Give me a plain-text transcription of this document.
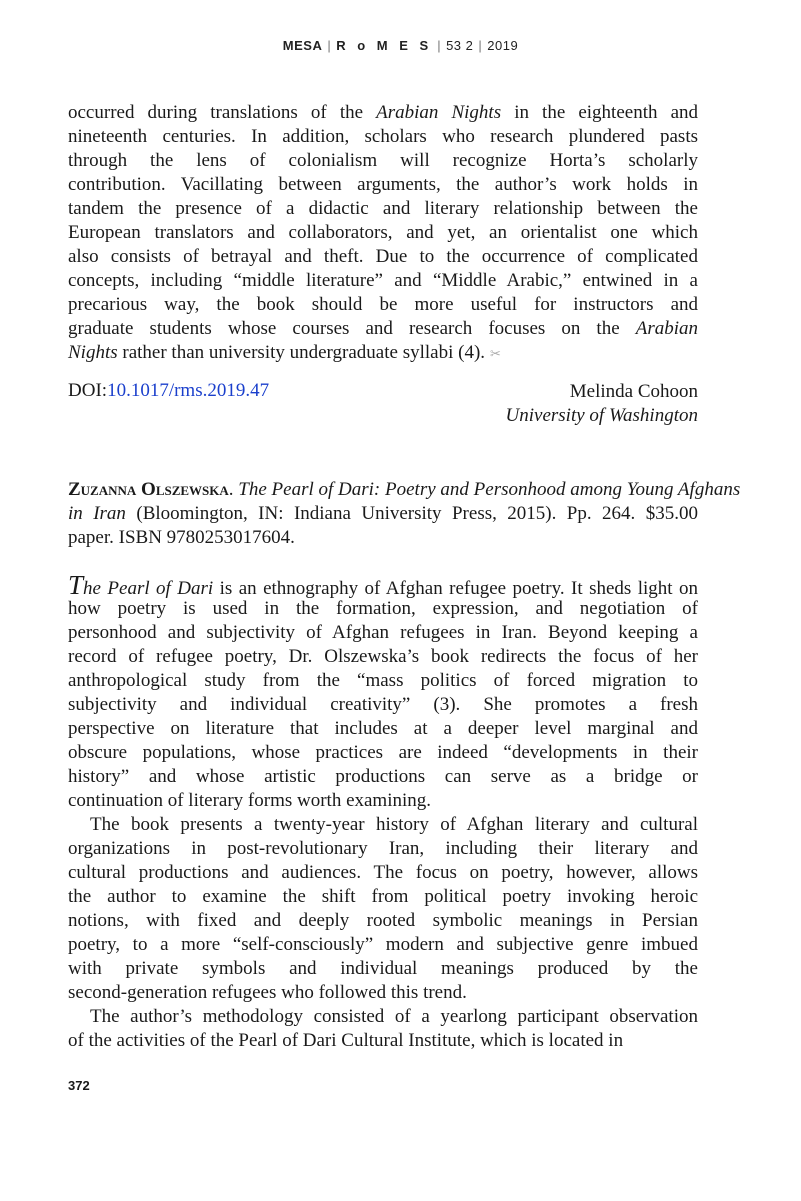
MESA | R o M E S | 53 2 | 2019
occurred during translations of the Arabian Nights in the eighteenth and
nineteenth centuries. In addition, scholars who research plundered pasts
through the lens of colonialism will recognize Horta’s scholarly
contribution. Vacillating between arguments, the author’s work holds in
tandem the presence of a didactic and literary relationship between the
European translators and collaborators, and yet, an orientalist one which
also consists of betrayal and theft. Due to the occurrence of complicated
concepts, including “middle literature” and “Middle Arabic,” entwined in a
precarious way, the book should be more useful for instructors and
graduate students whose courses and research focuses on the Arabian
Nights rather than university undergraduate syllabi (4). ✂
DOI:10.1017/rms.2019.47	Melinda Cohoon
University of Washington
Zuzanna Olszewska. The Pearl of Dari: Poetry and Personhood among Young Afghans
in Iran (Bloomington, IN: Indiana University Press, 2015). Pp. 264. $35.00
paper. ISBN 9780253017604.
The Pearl of Dari is an ethnography of Afghan refugee poetry. It sheds light on
how poetry is used in the formation, expression, and negotiation of
personhood and subjectivity of Afghan refugees in Iran. Beyond keeping a
record of refugee poetry, Dr. Olszewska’s book redirects the focus of her
anthropological study from the “mass politics of forced migration to
subjectivity and individual creativity” (3). She promotes a fresh
perspective on literature that includes at a deeper level marginal and
obscure populations, whose practices are indeed “developments in their
history” and whose artistic productions can serve as a bridge or
continuation of literary forms worth examining.
The book presents a twenty-year history of Afghan literary and cultural
organizations in post-revolutionary Iran, including their literary and
cultural productions and audiences. The focus on poetry, however, allows
the author to examine the shift from political poetry invoking heroic
notions, with fixed and deeply rooted symbolic meanings in Persian
poetry, to a more “self-consciously” modern and subjective genre imbued
with private symbols and individual meanings produced by the
second-generation refugees who followed this trend.
The author’s methodology consisted of a yearlong participant observation
of the activities of the Pearl of Dari Cultural Institute, which is located in
372
